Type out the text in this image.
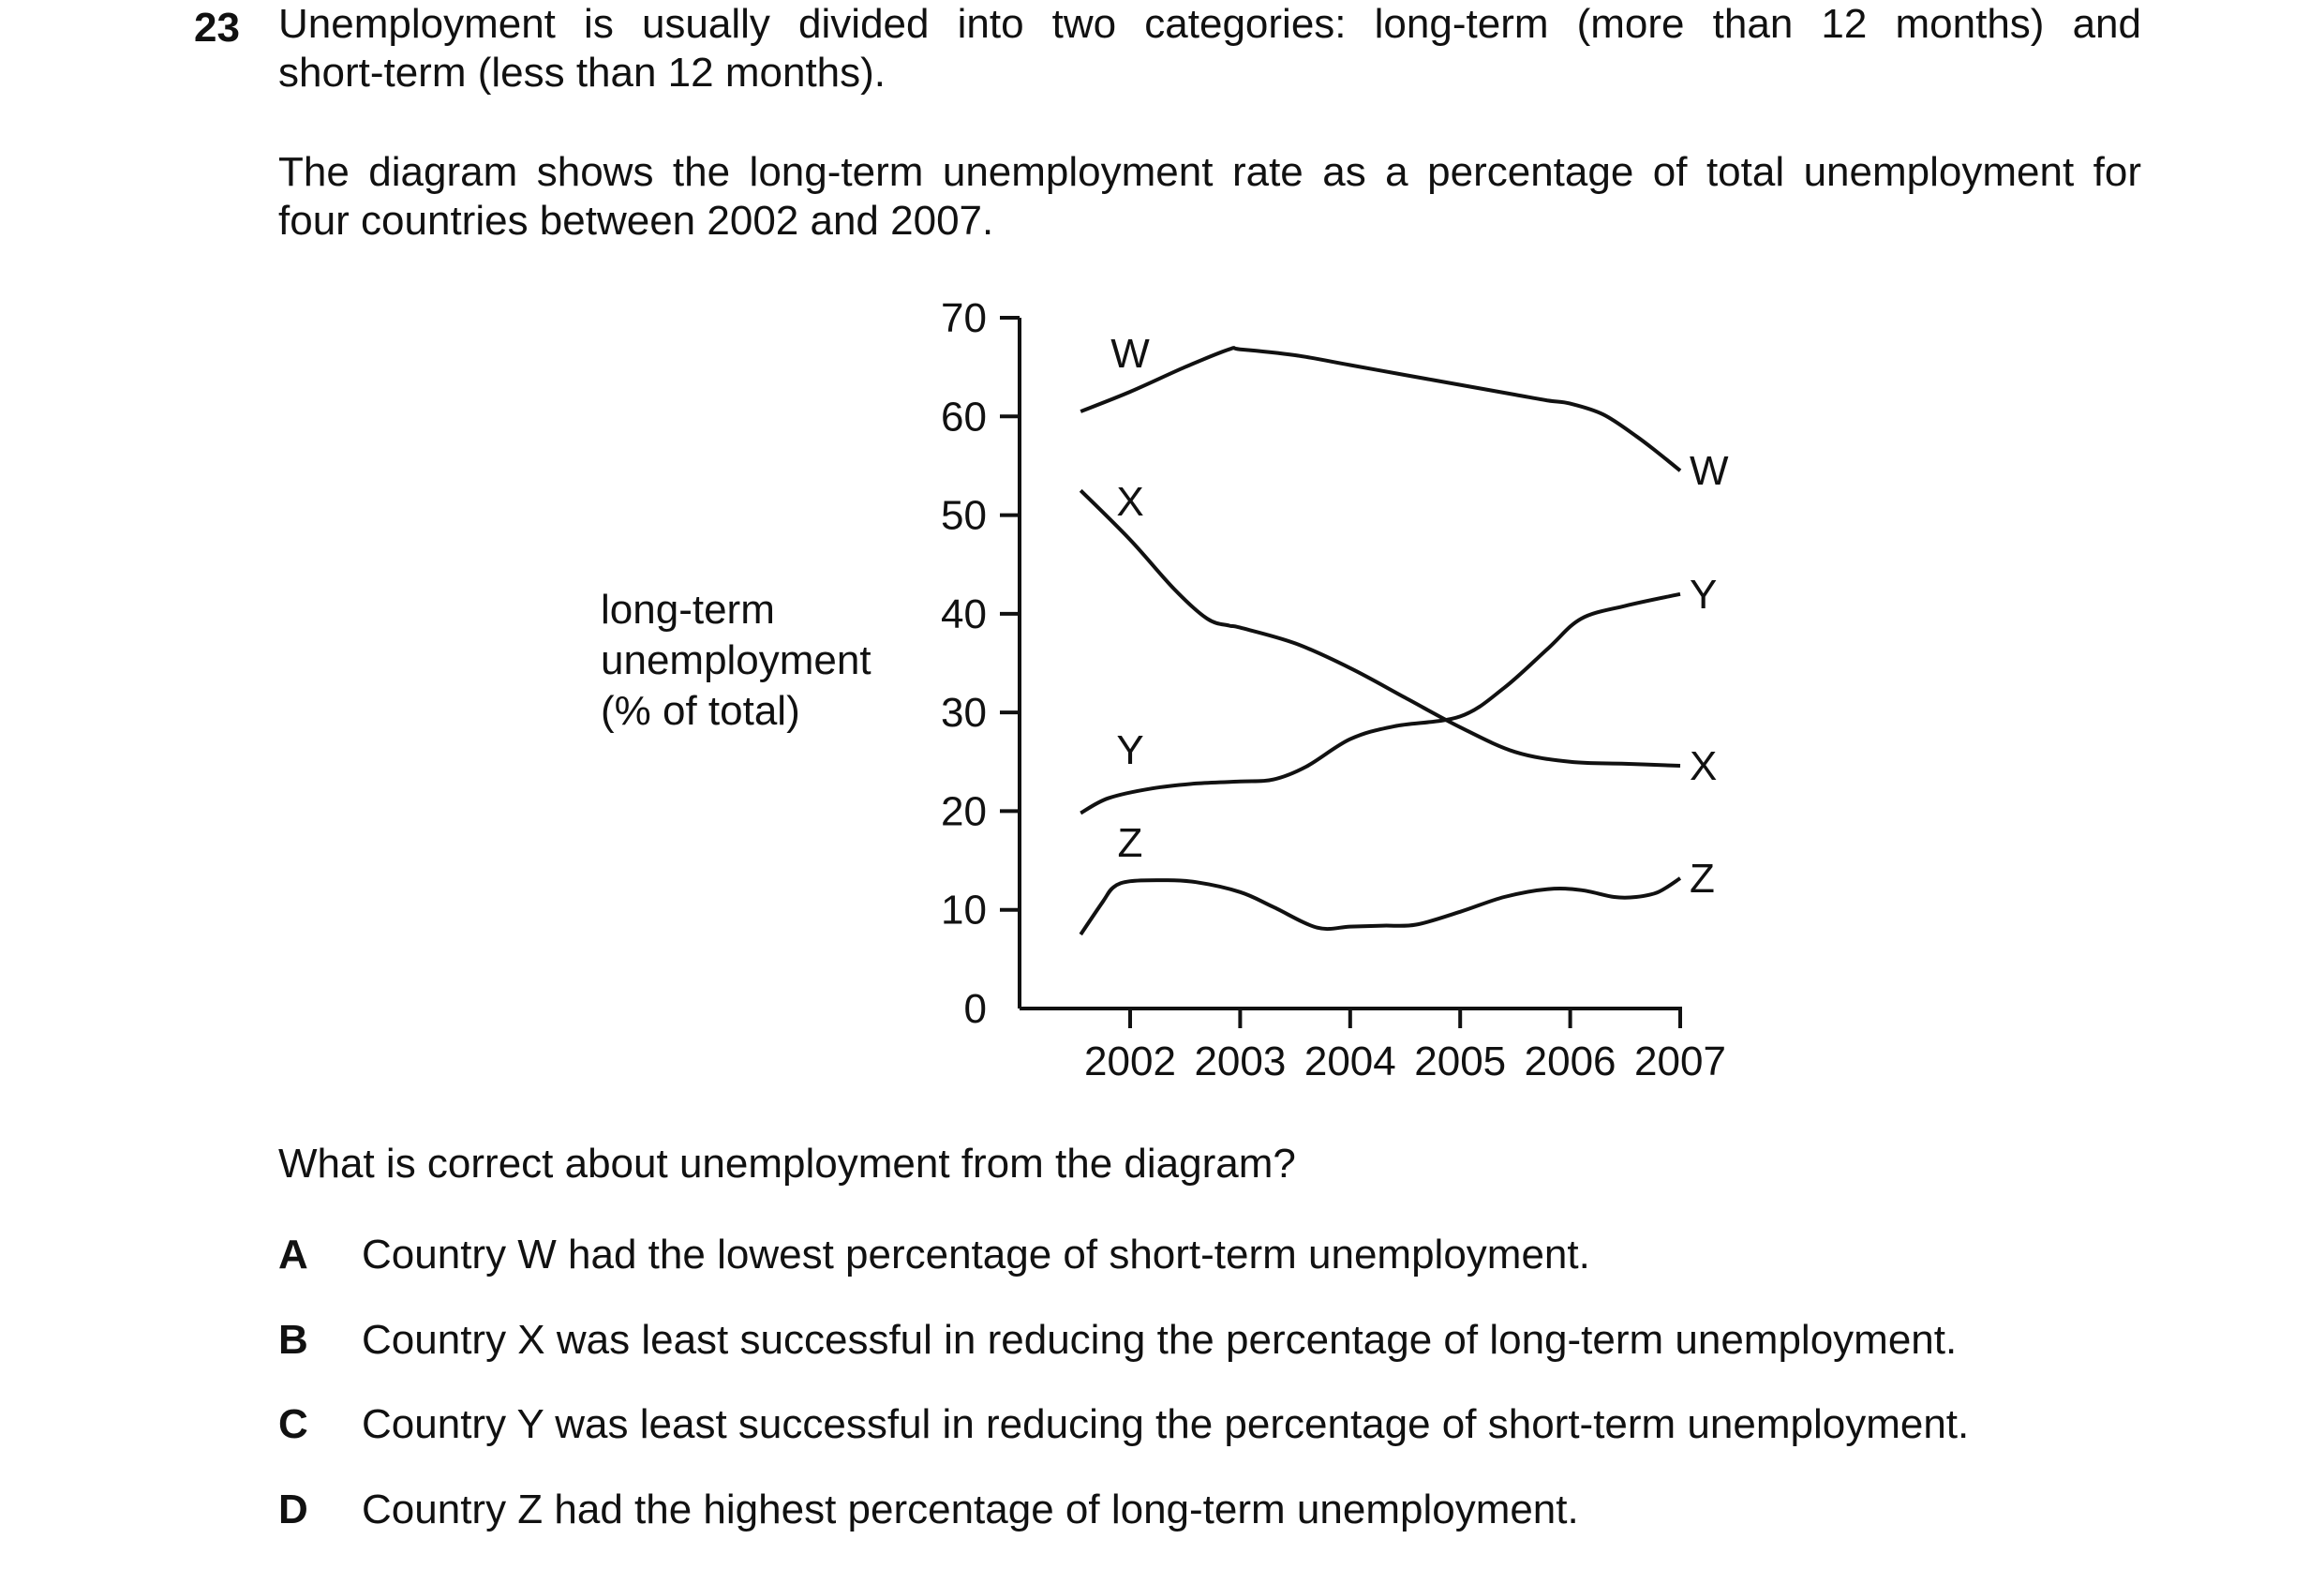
23 Unemployment is usually divided into two categories: long-term (more than 12 months) and
short-term (less than 12 months).
The diagram shows the long-term unemployment rate as a percentage of total unemployment for
four countries between 2002 and 2007.
long-term
unemployment
(% of total)
0
10
20
30
40
50
60
70
2002 2003 2004 2005 2006 2007
W
W
X
X
Y
Y
Z
Z

What is correct about unemployment from the diagram?

A	Country W had the lowest percentage of short-term unemployment.
B	Country X was least successful in reducing the percentage of long-term unemployment.
C	Country Y was least successful in reducing the percentage of short-term unemployment.
D	Country Z had the highest percentage of long-term unemployment.
